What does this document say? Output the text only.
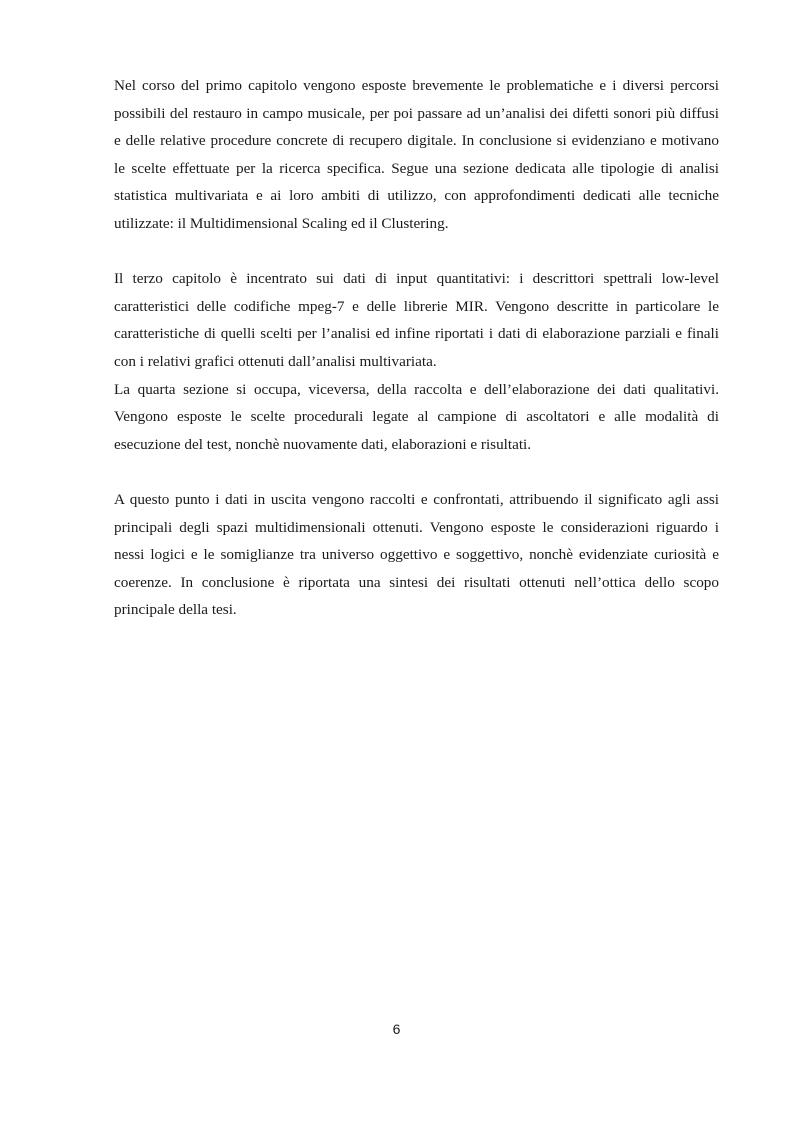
Nel corso del primo capitolo vengono esposte brevemente le problematiche e i diversi percorsi possibili del restauro in campo musicale, per poi passare ad un’analisi dei difetti sonori più diffusi e delle relative procedure concrete di recupero digitale. In conclusione si evidenziano e motivano le scelte effettuate per la ricerca specifica. Segue una sezione dedicata alle tipologie di analisi statistica multivariata e ai loro ambiti di utilizzo, con approfondimenti dedicati alle tecniche utilizzate: il Multidimensional Scaling ed il Clustering.

Il terzo capitolo è incentrato sui dati di input quantitativi: i descrittori spettrali low-level caratteristici delle codifiche mpeg-7 e delle librerie MIR. Vengono descritte in particolare le caratteristiche di quelli scelti per l’analisi ed infine riportati i dati di elaborazione parziali e finali con i relativi grafici ottenuti dall’analisi multivariata.

La quarta sezione si occupa, viceversa, della raccolta e dell’elaborazione dei dati qualitativi. Vengono esposte le scelte procedurali legate al campione di ascoltatori e alle modalità di esecuzione del test, nonchè nuovamente dati, elaborazioni e risultati.

A questo punto i dati in uscita vengono raccolti e confrontati, attribuendo il significato agli assi principali degli spazi multidimensionali ottenuti. Vengono esposte le considerazioni riguardo i nessi logici e le somiglianze tra universo oggettivo e soggettivo, nonchè evidenziate curiosità e coerenze. In conclusione è riportata una sintesi dei risultati ottenuti nell’ottica dello scopo principale della tesi.

6
